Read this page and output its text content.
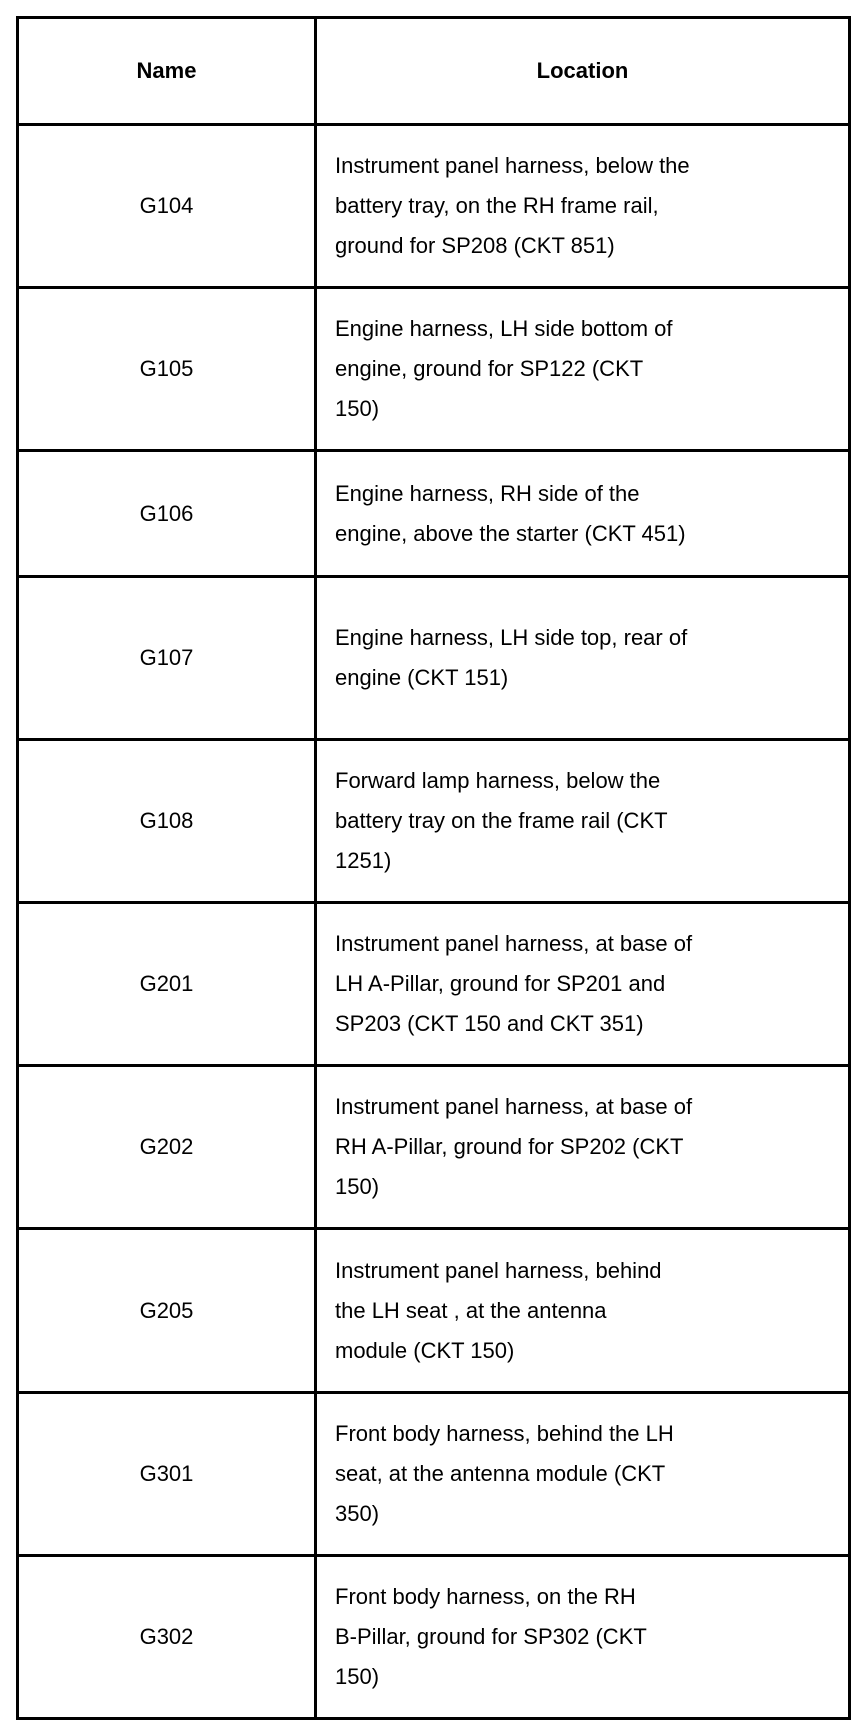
Name	Location
G104	Instrument panel harness, below the
battery tray, on the RH frame rail,
ground for SP208 (CKT 851)
G105	Engine harness, LH side bottom of
engine, ground for SP122 (CKT
150)
G106	Engine harness, RH side of the
engine, above the starter (CKT 451)
G107	Engine harness, LH side top, rear of
engine (CKT 151)
G108	Forward lamp harness, below the
battery tray on the frame rail (CKT
1251)
G201	Instrument panel harness, at base of
LH A-Pillar, ground for SP201 and
SP203 (CKT 150 and CKT 351)
G202	Instrument panel harness, at base of
RH A-Pillar, ground for SP202 (CKT
150)
G205	Instrument panel harness, behind
the LH seat , at the antenna
module (CKT 150)
G301	Front body harness, behind the LH
seat, at the antenna module (CKT
350)
G302	Front body harness, on the RH
B-Pillar, ground for SP302 (CKT
150)
